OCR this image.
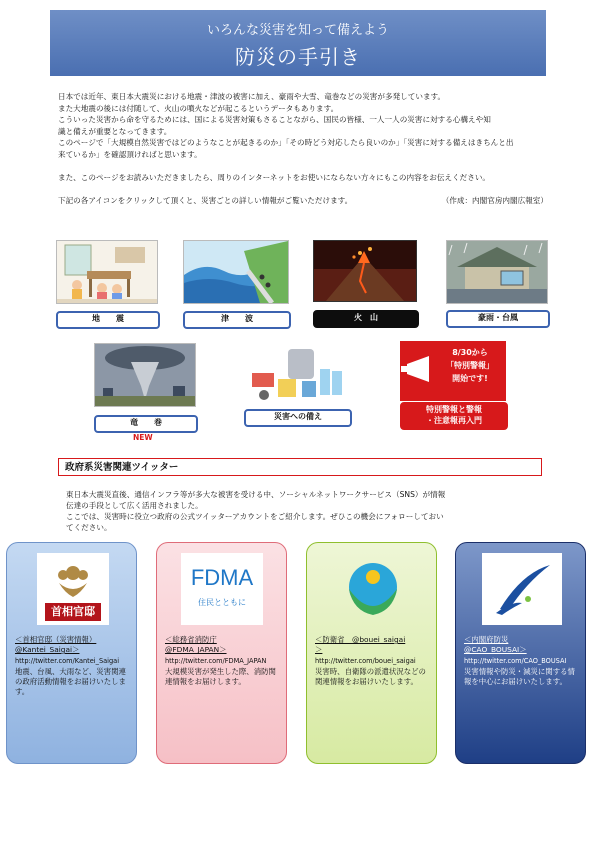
いろんな災害を知って備えよう
防災の手引き

日本では近年、東日本大震災における地震・津波の被害に加え、豪雨や大雪、竜巻などの災害が多発しています。

また大地震の後には付随して、火山の噴火などが起こるというデータもあります。

こういった災害から命を守るためには、国による災害対策もさることながら、国民の皆様、一人一人の災害に対する心構えや知

識と備えが重要となってきます。

このページで「大規模自然災害ではどのようなことが起きるのか」「その時どう対応したら良いのか」「災害に対する備えはきちんと出

来ているか」を確認頂ければと思います。

また、このページをお読みいただきましたら、周りのインターネットをお使いにならない方々にもこの内容をお伝えください。

下記の各アイコンをクリックして頂くと、災害ごとの詳しい情報がご覧いただけます。	（作成：内閣官房内閣広報室）

地　　震	津　　波	火　山	豪雨・台風
竜　　巻
NEW
災害への備え
8/30から
「特別警報」
開始です!
特別警報と警報
・注意報再入門
政府系災害関連ツイッター

東日本大震災直後、通信インフラ等が多大な被害を受ける中、ソーシャルネットワークサービス（SNS）が情報

伝達の手段として広く活用されました。

ここでは、災害時に役立つ政府の公式ツイッターアカウントをご紹介します。ぜひこの機会にフォローしておい

てください。

首相官邸
＜首相官邸（災害情報）
@Kantei_Saigai＞
http://twitter.com/Kantei_Saigai
地震、台風、大雨など、災害関連の政府活動情報をお届けいたします。
FDMA
住民とともに
＜総務省消防庁
@FDMA_JAPAN＞
http://twitter.com/FDMA_JAPAN
大規模災害が発生した際、消防関連情報をお届けします。
＜防衛省　@bouei_saigai
＞
http://twitter.com/bouei_saigai
災害時、自衛隊の派遣状況などの関連情報をお届けいたします。
＜内閣府防災
@CAO_BOUSAI＞
http://twitter.com/CAO_BOUSAI
災害情報や防災・減災に関する情報を中心にお届けいたします。
